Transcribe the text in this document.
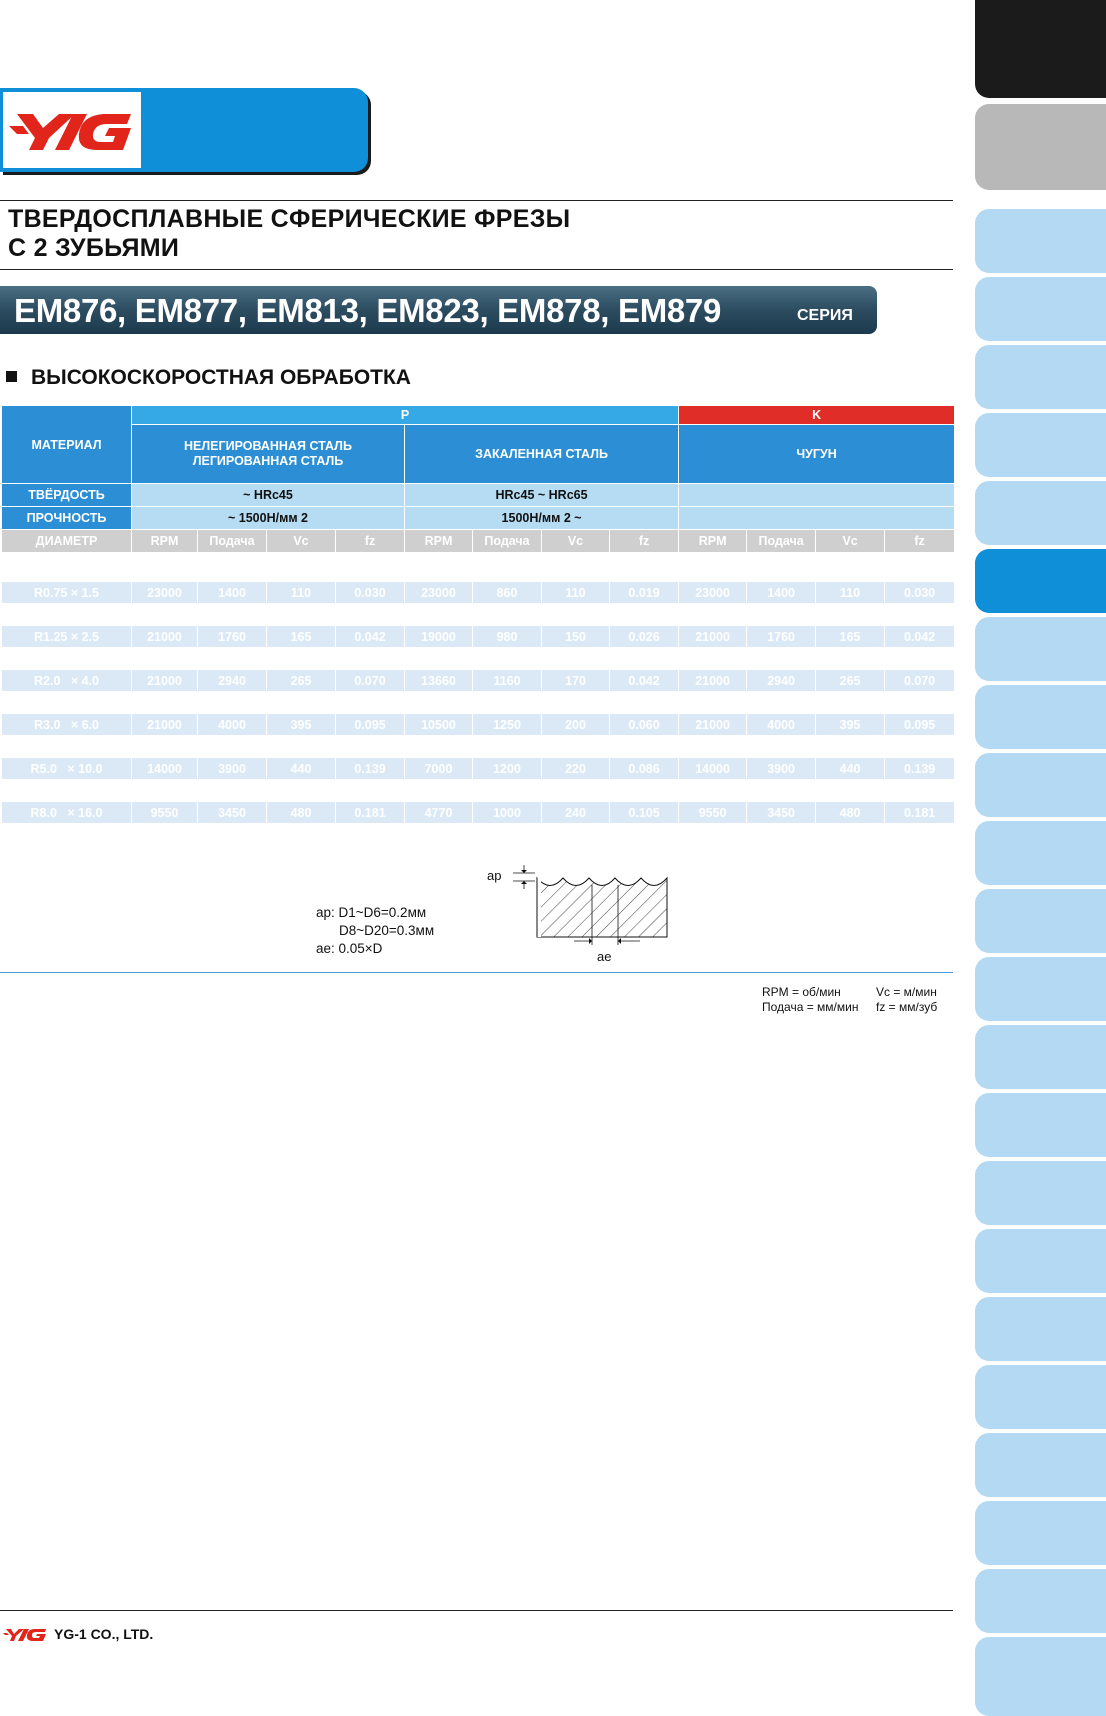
ТВЕРДОСПЛАВНЫЕ СФЕРИЧЕСКИЕ ФРЕЗЫ
С 2 ЗУБЬЯМИ
EM876, EM877, EM813, EM823, EM878, EM879	СЕРИЯ
ВЫСОКОСКОРОСТНАЯ ОБРАБОТКА
МАТЕРИАЛ	P								K			

	НЕЛЕГИРОВАННАЯ СТАЛЬ
ЛЕГИРОВАННАЯ СТАЛЬ				ЗАКАЛЕННАЯ СТАЛЬ				ЧУГУН			
ТВЁРДОСТЬ	~ HRc45				HRc45 ~ HRc65							
ПРОЧНОСТЬ	~ 1500Н/мм 2				1500Н/мм 2 ~							
ДИАМЕТР	RPM	Подача	Vc	fz	RPM	Подача	Vc	fz	RPM	Подача	Vc	fz

R0.5   × 1.0	25000	1300	80	0.026	25000	800	80	0.016	25000	1300	80	0.026
R0.75 × 1.5	23000	1400	110	0.030	23000	860	110	0.019	23000	1400	110	0.030
R1.0   × 2.0	21000	1480	130	0.035	21000	940	130	0.022	21000	1480	130	0.035
R1.25 × 2.5	21000	1760	165	0.042	19000	980	150	0.026	21000	1760	165	0.042
R1.5   × 3.0	21000	2000	200	0.048	17000	1040	160	0.031	21000	2000	200	0.048
R2.0   × 4.0	21000	2940	265	0.070	13660	1160	170	0.042	21000	2940	265	0.070
R2.5   × 5.0	21000	3600	330	0.086	12000	1200	190	0.050	21000	3600	330	0.086
R3.0   × 6.0	21000	4000	395	0.095	10500	1250	200	0.060	21000	4000	395	0.095
R4.0   × 8.0	16700	4000	420	0.120	8360	1250	210	0.075	16700	4000	420	0.120
R5.0   × 10.0	14000	3900	440	0.139	7000	1200	220	0.086	14000	3900	440	0.139
R6.0   × 12.0	12200	3900	460	0.160	6100	1160	230	0.095	12200	3900	460	0.160
R8.0   × 16.0	9550	3450	480	0.181	4770	1000	240	0.105	9550	3450	480	0.181
R10.0 × 20.0	7960	3180	500	0.200	3980	920	250	0.116	7960	3180	500	0.200
ap
ae
ap: D1~D6=0.2мм
D8~D20=0.3мм
ae: 0.05×D
RPM = об/мин	Vc = м/мин
Подача = мм/мин fz = мм/зуб
YG-1 CO., LTD.
